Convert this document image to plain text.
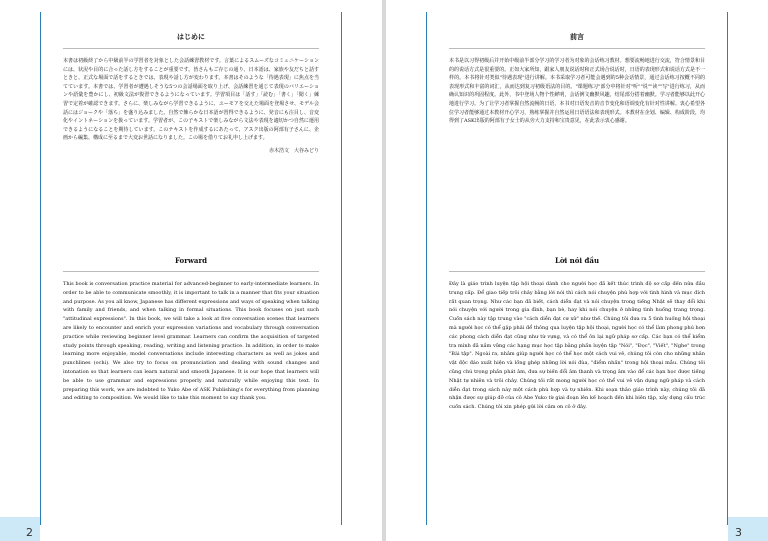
はじめに

本書は初級終了から中級前半の学習者を対象とした会話練習教材です。言葉によるスムーズなコミュニケーションには、状況や目的に合った話し方をすることが重要です。皆さんもご存じの通り、日本語は、家族や友だちと話すときと、正式な場面で話をするときでは、表現や話し方が変わります。本書はそのような「待遇表現」に焦点を当てています。本書では、学習者が遭遇しそうな5つの会話場面を取り上げ、会話練習を通じて表現のバリエーションや語彙を豊かにし、初級文法が復習できるようになっています。学習項目は「話す」「読む」「書く」「聞く」練習で定着が確認できます。さらに、楽しみながら学習できるように、ユーモアを交えた場面を登場させ、モデル会話にはジョークや「落ち」を盛り込みました。自然で飾らかな日本語が習得できるように、発音にも注目し、音変化やイントネーションを扱っています。学習者が、この子キストで楽しみながら文法や表現を適切かつ自然に運用できるようになることを期待しています。このテキストを作成するにあたって、アスク出版の阿部有子さんに、企画から編集、構成に至るまで大変お世話になりました。この場を借りてお礼申し上げます。

赤木浩文　大谷みどり

Forward

This book is conversation practice material for advanced-beginner to early-intermediate learners. In order to be able to communicate smoothly, it is important to talk in a manner that fits your situation and purpose. As you all know, Japanese has different expressions and ways of speaking when talking with family and friends, and when talking in formal situations. This book focuses on just such "attitudinal expressions". In this book, we will take a look at five conversation scenes that learners are likely to encounter and enrich your expression variations and vocabulary through conversation practice while reviewing beginner level grammar. Learners can confirm the acquisition of targeted study points through speaking, reading, writing and listening practice. In addition, in order to make learning more enjoyable, model conversations include interesting characters as well as jokes and punchlines (ochi). We also try to focus on pronunciation and dealing with sound changes and intonation so that learners can learn natural and smooth Japanese. It is our hope that learners will be able to use grammar and expressions properly and naturally while enjoying this text. In preparing this work, we are indebted to Yuko Abe of ASK Publishing's for everything from planning and editing to composition. We would like to take this moment to say thank you.

2

前言

本书是以习得初级后并开始中级前半部分学习的学习者为对象的会话练习教材。想要流畅地进行交流，符合情景和目的的说话方式是很重要的。正如大家所知，跟家人朋友说话时和正式场合说话时，日语的表现形式和说话方式是不一样的。本书将针对类似"待遇表现"进行讲解。本书采取学习者可能会遇到的5种会话情景，通过会话练习按概不同的表现形式和丰富的词汇，从而达到复习初级语法的目的。"课题练习"部分中将针对"听""说""读""写"进行练习，从而确认知识的巩固程度。此外，书中登场人物个性鲜明，会话例文幽默风趣，结尾部分搭着幽默。学习者能够以此开心地进行学习。为了让学习者掌握自然流畅的日语，本书对日语发音的音节变化和语调变化有针对性讲解。衷心希望各位学习者能够通过本教材开心学习，熟练掌握并自然运用日语语法和表现形式。本教材在企划、编辑、构成阶段，均得到了ASK出版的阿部有子女士的从旁大力支持和宝贵意见，在此表示衷心感谢。

Lời nói đầu

Đây là giáo trình luyện tập hội thoại dành cho người học đã kết thúc trình độ sơ cấp đến nửa đầu trung cấp. Để giao tiếp trôi chảy bằng lời nói thì cách nói chuyện phù hợp với tình hình và mục đích rất quan trọng. Như các bạn đã biết, cách diễn đạt và nói chuyện trong tiếng Nhật sẽ thay đổi khi nói chuyện với người trong gia đình, bạn bè, hay khi nói chuyện ở những tình huống trang trọng. Cuốn sách này tập trung vào "cách diễn đạt cư xử" như thế. Chúng tôi đưa ra 5 tình huống hội thoại mà người học có thể gặp phải để thông qua luyện tập hội thoại, người học có thể làm phong phú hơn các phong cách diễn đạt cũng như từ vựng, và có thể ôn lại ngữ pháp sơ cấp. Các bạn có thể kiểm tra mình đã nắm vững các hạng mục học tập bằng phần luyện tập "Nói", "Đọc", "Viết", "Nghe" trong "Bài tập". Ngoài ra, nhằm giúp người học có thể học một cách vui vẻ, chúng tôi còn cho những nhân vật độc đáo xuất hiện và lồng ghép những lời nói đùa, "điểm nhấn" trong hội thoại mẫu. Chúng tôi cũng chú trọng phần phát âm, đưa sự biến đổi âm thanh và trọng âm vào để các bạn học được tiếng Nhật tự nhiên và trôi chảy. Chúng tôi rất mong người học có thể vui vẻ vận dụng ngữ pháp và cách diễn đạt trong sách này một cách phù hợp và tự nhiên. Khi soạn thảo giáo trình này, chúng tôi đã nhận được sự giúp đỡ của cô Abe Yuko từ giai đoạn lên kế hoạch đến khi biên tập, xây dựng cấu trúc cuốn sách. Chúng tôi xin phép gửi lời cảm ơn cô ở đây.

3
